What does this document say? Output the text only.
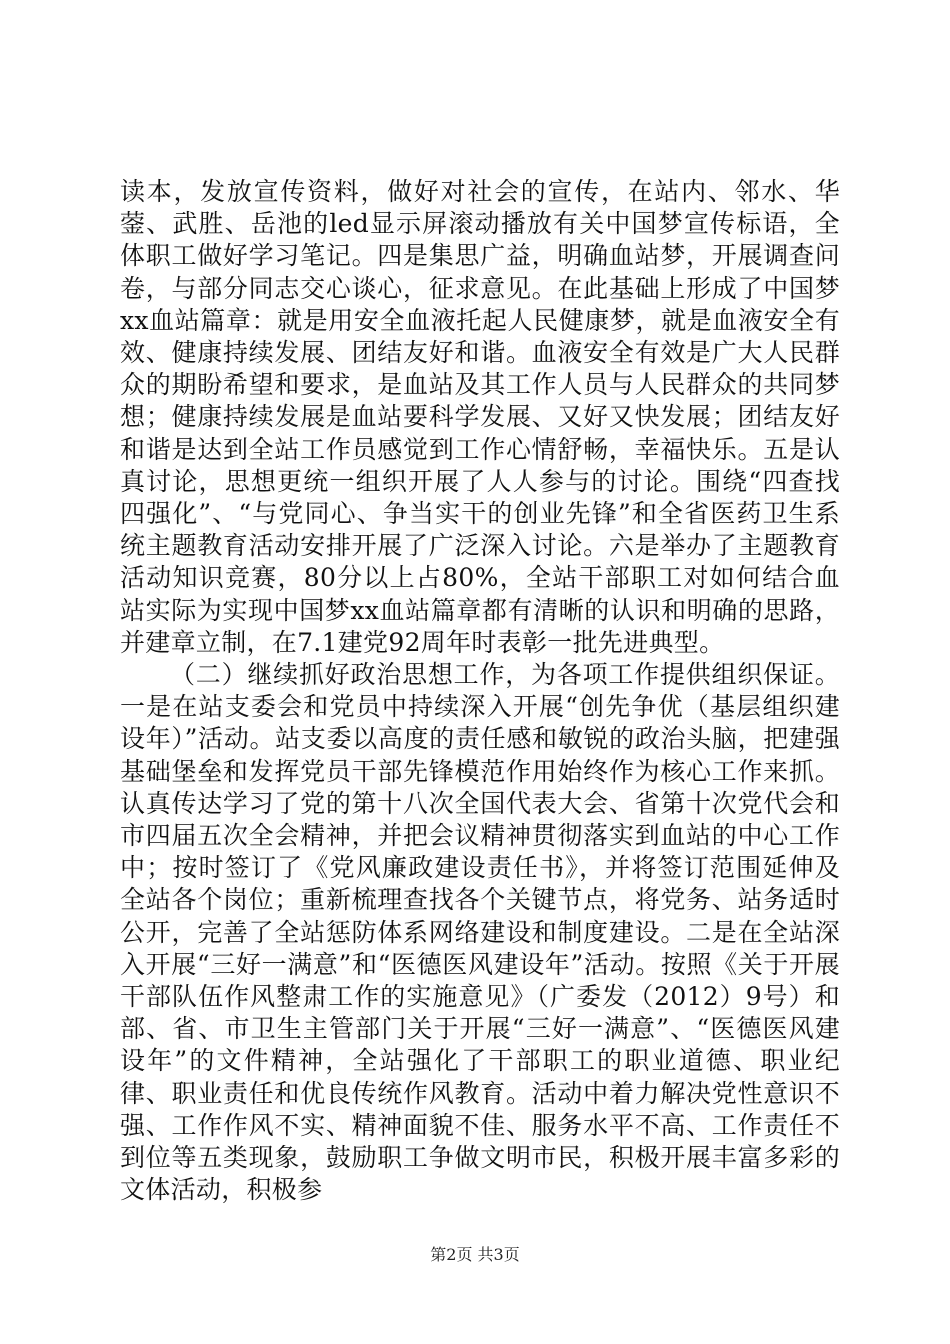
读本，发放宣传资料，做好对社会的宣传，在站内、邻水、华蓥、武胜、岳池的led显示屏滚动播放有关中国梦宣传标语，全体职工做好学习笔记。四是集思广益，明确血站梦，开展调查问卷，与部分同志交心谈心，征求意见。在此基础上形成了中国梦xx血站篇章：就是用安全血液托起人民健康梦，就是血液安全有效、健康持续发展、团结友好和谐。血液安全有效是广大人民群众的期盼希望和要求，是血站及其工作人员与人民群众的共同梦想；健康持续发展是血站要科学发展、又好又快发展；团结友好和谐是达到全站工作员感觉到工作心情舒畅，幸福快乐。五是认真讨论，思想更统一组织开展了人人参与的讨论。围绕“四查找四强化”、“与党同心、争当实干的创业先锋”和全省医药卫生系统主题教育活动安排开展了广泛深入讨论。六是举办了主题教育活动知识竞赛，80分以上占80%，全站干部职工对如何结合血站实际为实现中国梦xx血站篇章都有清晰的认识和明确的思路，并建章立制，在7.1建党92周年时表彰一批先进典型。

（二）继续抓好政治思想工作，为各项工作提供组织保证。一是在站支委会和党员中持续深入开展“创先争优（基层组织建设年）”活动。站支委以高度的责任感和敏锐的政治头脑，把建强基础堡垒和发挥党员干部先锋模范作用始终作为核心工作来抓。认真传达学习了党的第十八次全国代表大会、省第十次党代会和市四届五次全会精神，并把会议精神贯彻落实到血站的中心工作中；按时签订了《党风廉政建设责任书》，并将签订范围延伸及全站各个岗位；重新梳理查找各个关键节点，将党务、站务适时公开，完善了全站惩防体系网络建设和制度建设。二是在全站深入开展“三好一满意”和“医德医风建设年”活动。按照《关于开展干部队伍作风整肃工作的实施意见》（广委发（2012）9号）和部、省、市卫生主管部门关于开展“三好一满意”、“医德医风建设年”的文件精神，全站强化了干部职工的职业道德、职业纪律、职业责任和优良传统作风教育。活动中着力解决党性意识不强、工作作风不实、精神面貌不佳、服务水平不高、工作责任不到位等五类现象，鼓励职工争做文明市民，积极开展丰富多彩的文体活动，积极参

第2页 共3页
